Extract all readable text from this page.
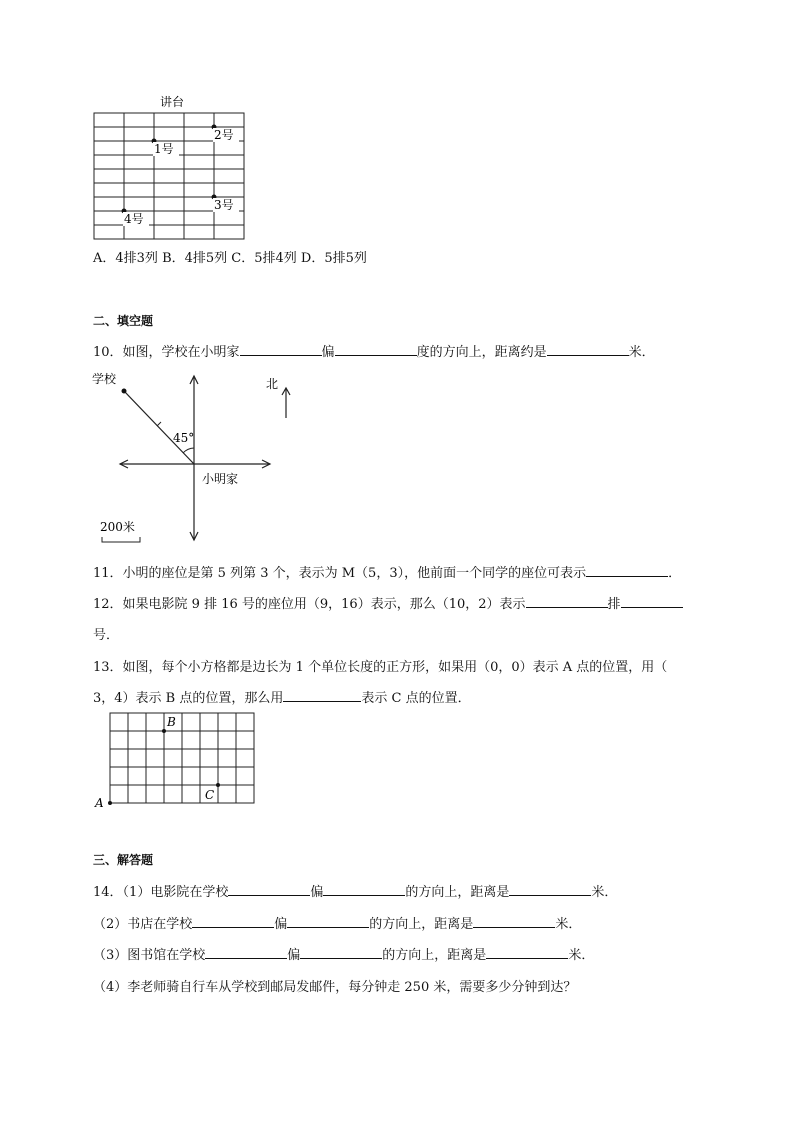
讲台
2号
1号
3号
4号
A．4排3列 B．4排5列 C．5排4列 D．5排5列
二、填空题
10．如图，学校在小明家	偏	度的方向上，距离约是	米．
学校	北
45°
小明家
200米
11．小明的座位是第 5 列第 3 个，表示为 M（5，3），他前面一个同学的座位可表示	．
12．如果电影院 9 排 16 号的座位用（9，16）表示，那么（10，2）表示	排
号．
13．如图，每个小方格都是边长为 1 个单位长度的正方形，如果用（0，0）表示 A 点的位置，用（
3，4）表示 B 点的位置，那么用	表示 C 点的位置．
A
B
C
三、解答题
14．（1）电影院在学校	偏	的方向上，距离是	米．
（2）书店在学校	偏	的方向上，距离是	米．
（3）图书馆在学校	偏	的方向上，距离是	米．
（4）李老师骑自行车从学校到邮局发邮件，每分钟走 250 米，需要多少分钟到达？
